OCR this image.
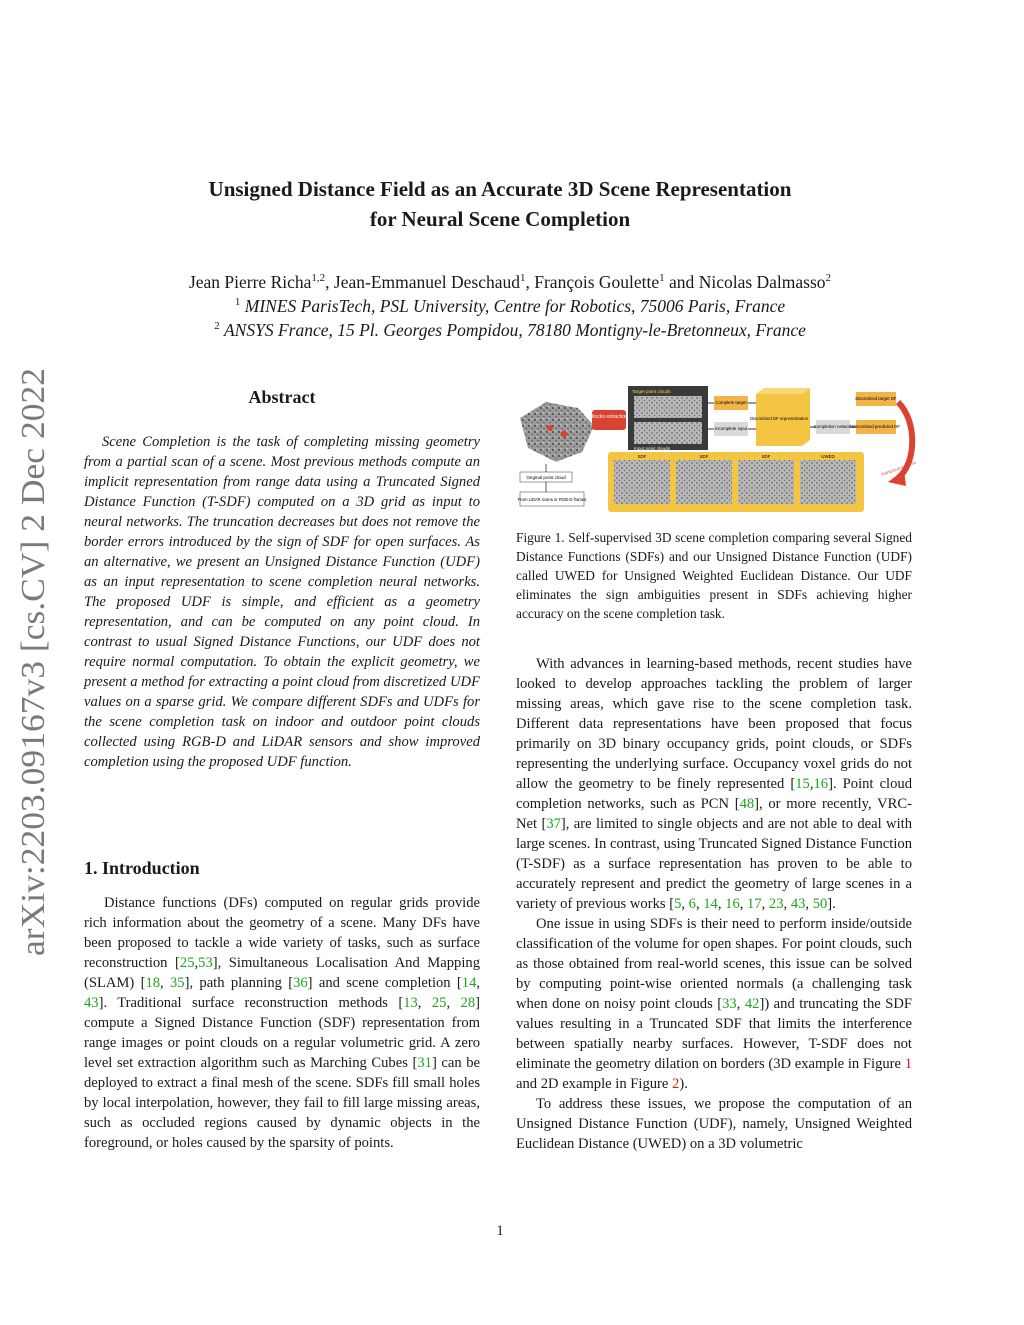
Unsigned Distance Field as an Accurate 3D Scene Representation
for Neural Scene Completion
Jean Pierre Richa$^{1,2}$, Jean-Emmanuel Deschaud$^1$, François Goulette$^1$ and Nicolas Dalmasso$^2$
$^1$ MINES ParisTech, PSL University, Centre for Robotics, 75006 Paris, France
$^2$ ANSYS France, 15 Pl. Georges Pompidou, 78180 Montigny-le-Bretonneux, France
arXiv:2203.09167v3 [cs.CV] 2 Dec 2022	Abstract

Scene Completion is the task of completing missing geometry from a partial scan of a scene. Most previous methods compute an implicit representation from range data using a Truncated Signed Distance Function (T-SDF) computed on a 3D grid as input to neural networks. The truncation decreases but does not remove the border errors introduced by the sign of SDF for open surfaces. As an alternative, we present an Unsigned Distance Function (UDF) as an input representation to scene completion neural networks. The proposed UDF is simple, and efficient as a geometry representation, and can be computed on any point cloud. In contrast to usual Signed Distance Functions, our UDF does not require normal computation. To obtain the explicit geometry, we present a method for extracting a point cloud from discretized UDF values on a sparse grid. We compare different SDFs and UDFs for the scene completion task on indoor and outdoor point clouds collected using RGB-D and LiDAR sensors and show improved completion using the proposed UDF function.

1. Introduction

Distance functions (DFs) computed on regular grids provide rich information about the geometry of a scene. Many DFs have been proposed to tackle a wide variety of tasks, such as surface reconstruction [25,53], Simultaneous Localisation And Mapping (SLAM) [18, 35], path planning [36] and scene completion [14, 43]. Traditional surface reconstruction methods [13, 25, 28] compute a Signed Distance Function (SDF) representation from range images or point clouds on a regular volumetric grid. A zero level set extraction algorithm such as Marching Cubes [31] can be deployed to extract a final mesh of the scene. SDFs fill small holes by local interpolation, however, they fail to fill large missing areas, such as occluded regions caused by dynamic objects in the foreground, or holes caused by the sparsity of points.

Blocks extraction
Target point clouds
Input point clouds
Complete target
Incomplete input
Discretized DF representation
Completion network
Discretized target DF
Discretized predicted DF
Pointcloud extraction
SDF	SDF	SDF	UWED
Original point cloud
From LiDAR scans or RGB-D frames

Figure 1. Self-supervised 3D scene completion comparing several Signed Distance Functions (SDFs) and our Unsigned Distance Function (UDF) called UWED for Unsigned Weighted Euclidean Distance. Our UDF eliminates the sign ambiguities present in SDFs achieving higher accuracy on the scene completion task.

With advances in learning-based methods, recent studies have looked to develop approaches tackling the problem of larger missing areas, which gave rise to the scene completion task. Different data representations have been proposed that focus primarily on 3D binary occupancy grids, point clouds, or SDFs representing the underlying surface. Occupancy voxel grids do not allow the geometry to be finely represented [15,16]. Point cloud completion networks, such as PCN [48], or more recently, VRC-Net [37], are limited to single objects and are not able to deal with large scenes. In contrast, using Truncated Signed Distance Function (T-SDF) as a surface representation has proven to be able to accurately represent and predict the geometry of large scenes in a variety of previous works [5, 6, 14, 16, 17, 23, 43, 50].

One issue in using SDFs is their need to perform inside/outside classification of the volume for open shapes. For point clouds, such as those obtained from real-world scenes, this issue can be solved by computing point-wise oriented normals (a challenging task when done on noisy point clouds [33, 42]) and truncating the SDF values resulting in a Truncated SDF that limits the interference between spatially nearby surfaces. However, T-SDF does not eliminate the geometry dilation on borders (3D example in Figure 1 and 2D example in Figure 2).

To address these issues, we propose the computation of an Unsigned Distance Function (UDF), namely, Unsigned Weighted Euclidean Distance (UWED) on a 3D volumetric

1
